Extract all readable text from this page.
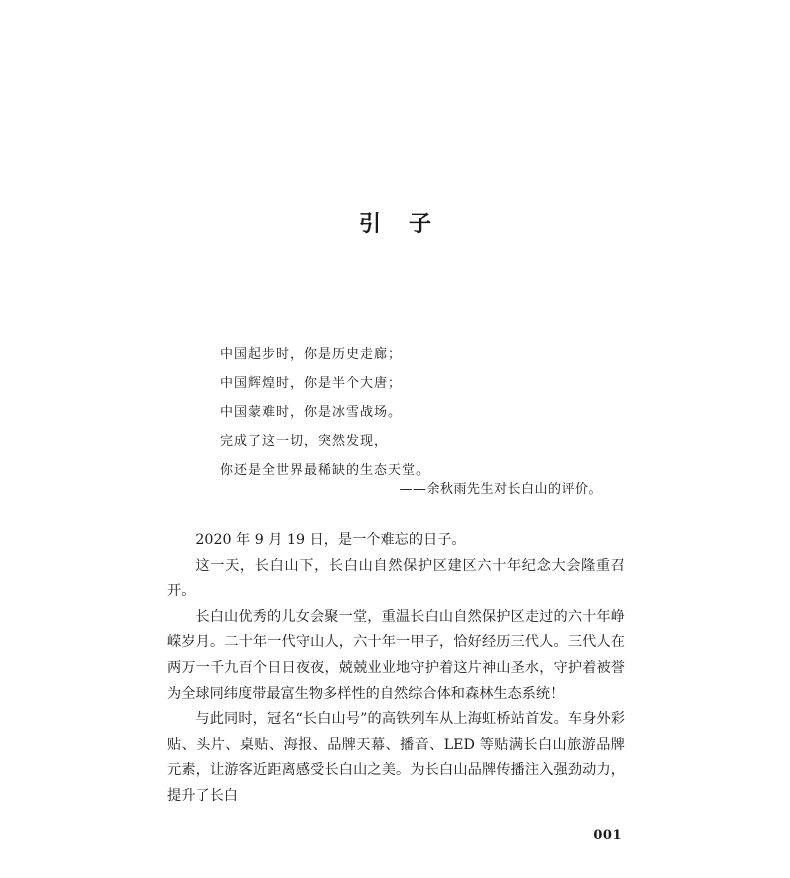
引子
中国起步时，你是历史走廊；
中国辉煌时，你是半个大唐；
中国蒙难时，你是冰雪战场。
完成了这一切，突然发现，
你还是全世界最稀缺的生态天堂。
——余秋雨先生对长白山的评价。

2020 年 9 月 19 日，是一个难忘的日子。

这一天，长白山下，长白山自然保护区建区六十年纪念大会隆重召开。

长白山优秀的儿女会聚一堂，重温长白山自然保护区走过的六十年峥嵘岁月。二十年一代守山人，六十年一甲子，恰好经历三代人。三代人在两万一千九百个日日夜夜，兢兢业业地守护着这片神山圣水，守护着被誉为全球同纬度带最富生物多样性的自然综合体和森林生态系统！

与此同时，冠名“长白山号”的高铁列车从上海虹桥站首发。车身外彩贴、头片、桌贴、海报、品牌天幕、播音、LED 等贴满长白山旅游品牌元素，让游客近距离感受长白山之美。为长白山品牌传播注入强劲动力，提升了长白

001
